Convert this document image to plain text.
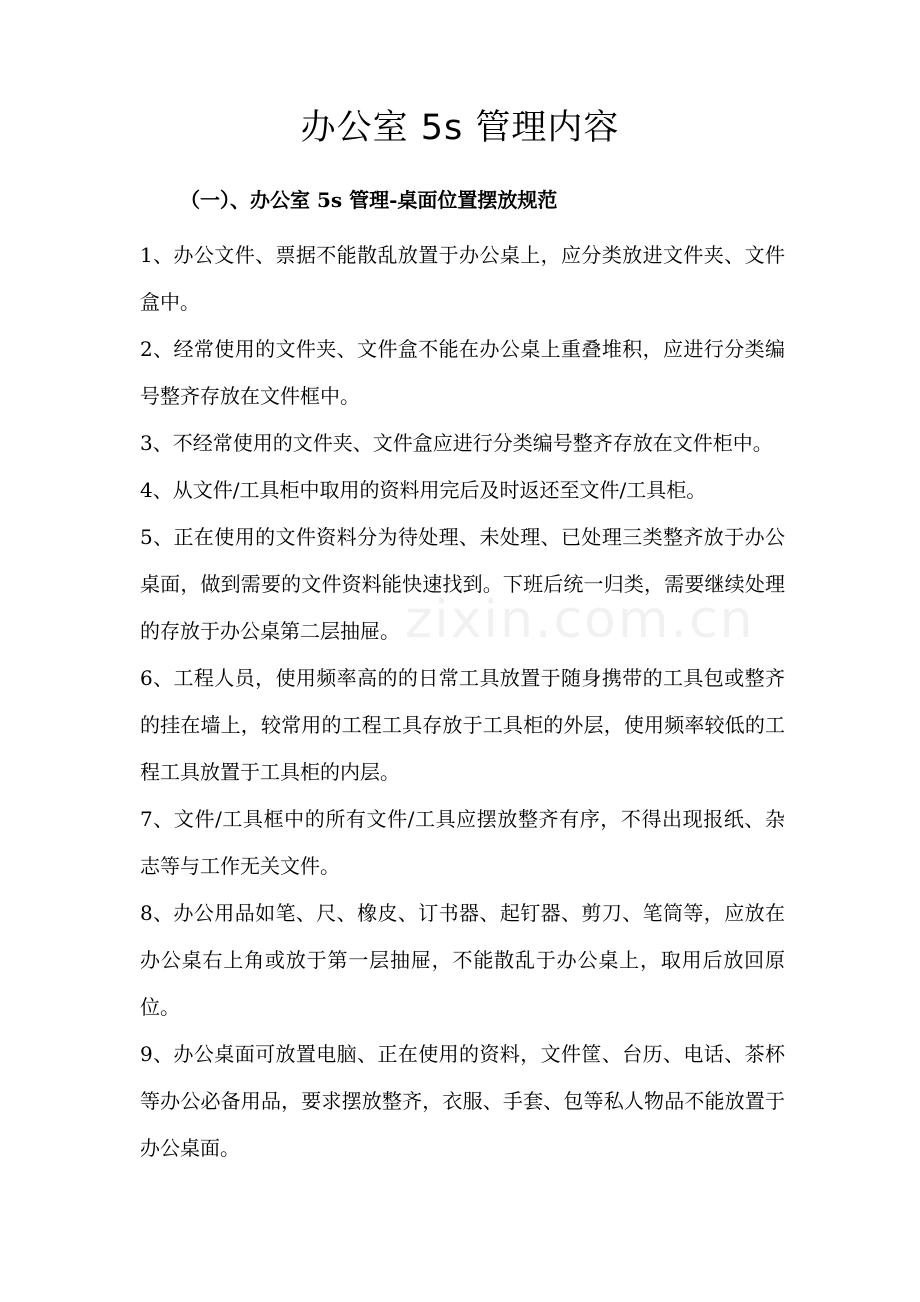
办公室 5s 管理内容
（一）、办公室 5s 管理-桌面位置摆放规范

1、办公文件、票据不能散乱放置于办公桌上，应分类放进文件夹、文件盒中。

2、经常使用的文件夹、文件盒不能在办公桌上重叠堆积，应进行分类编号整齐存放在文件框中。

3、不经常使用的文件夹、文件盒应进行分类编号整齐存放在文件柜中。

4、从文件/工具柜中取用的资料用完后及时返还至文件/工具柜。

5、正在使用的文件资料分为待处理、未处理、已处理三类整齐放于办公桌面，做到需要的文件资料能快速找到。下班后统一归类，需要继续处理的存放于办公桌第二层抽屉。

6、工程人员，使用频率高的的日常工具放置于随身携带的工具包或整齐的挂在墙上，较常用的工程工具存放于工具柜的外层，使用频率较低的工程工具放置于工具柜的内层。

7、文件/工具框中的所有文件/工具应摆放整齐有序，不得出现报纸、杂志等与工作无关文件。

8、办公用品如笔、尺、橡皮、订书器、起钉器、剪刀、笔筒等，应放在办公桌右上角或放于第一层抽屉，不能散乱于办公桌上，取用后放回原位。

9、办公桌面可放置电脑、正在使用的资料，文件筐、台历、电话、茶杯等办公必备用品，要求摆放整齐，衣服、手套、包等私人物品不能放置于办公桌面。

zixin.com.cn
